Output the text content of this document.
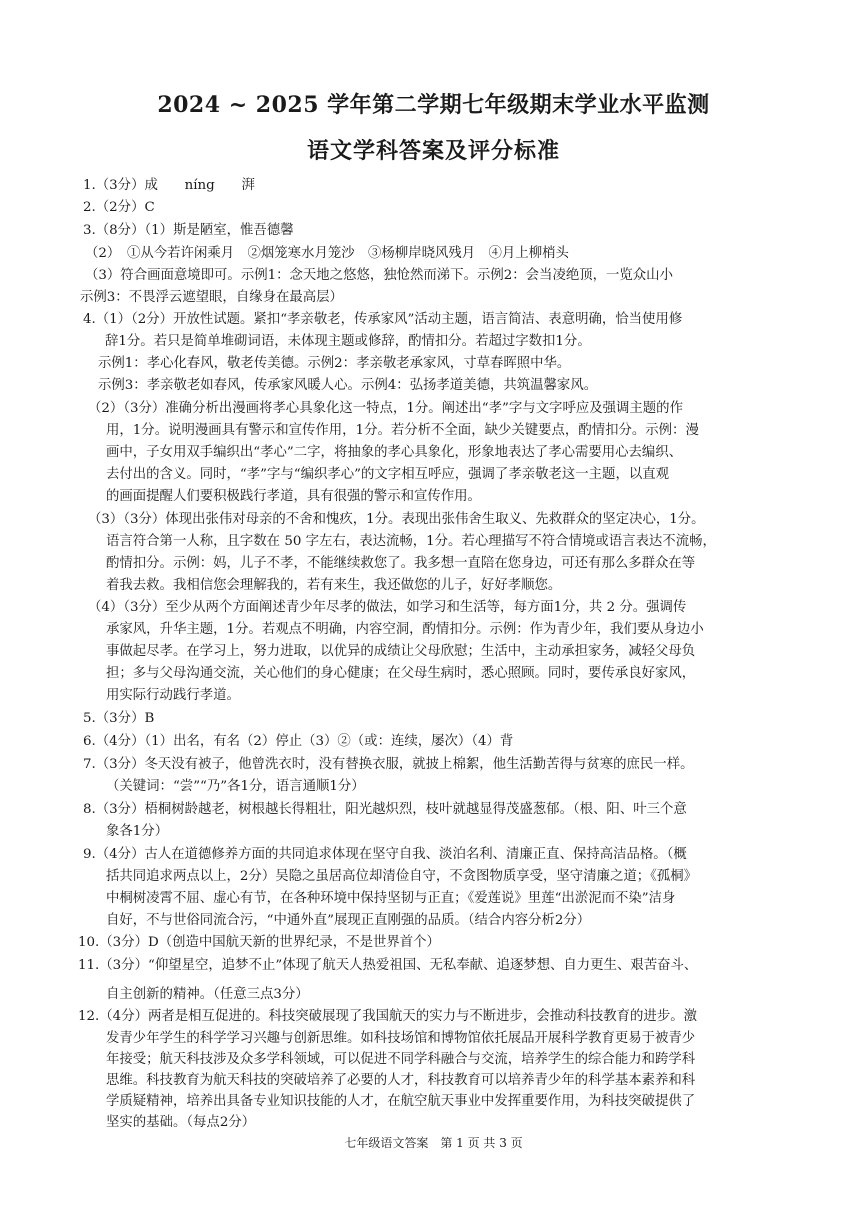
2024 ~ 2025 学年第二学期七年级期末学业水平监测
语文学科答案及评分标准
1.（3分）成　　níng　　湃
2.（2分）C
3.（8分）（1）斯是陋室，惟吾德馨
（2）　①从今若许闲乘月　②烟笼寒水月笼沙　③杨柳岸晓风残月　④月上柳梢头
（3）符合画面意境即可。示例1：念天地之悠悠，独怆然而涕下。示例2：会当凌绝顶，一览众山小
示例3：不畏浮云遮望眼，自缘身在最高层）
4.（1）（2分）开放性试题。紧扣“孝亲敬老，传承家风”活动主题，语言简洁、表意明确，恰当使用修
辞1分。若只是简单堆砌词语，未体现主题或修辞，酌情扣分。若超过字数扣1分。
示例1：孝心化春风，敬老传美德。示例2：孝亲敬老承家风，寸草春晖照中华。
示例3：孝亲敬老如春风，传承家风暖人心。示例4：弘扬孝道美德，共筑温馨家风。
（2）（3分）准确分析出漫画将孝心具象化这一特点，1分。阐述出“孝”字与文字呼应及强调主题的作
用，1分。说明漫画具有警示和宣传作用，1分。若分析不全面，缺少关键要点，酌情扣分。示例：漫
画中，子女用双手编织出“孝心”二字，将抽象的孝心具象化，形象地表达了孝心需要用心去编织、
去付出的含义。同时，“孝”字与“编织孝心”的文字相互呼应，强调了孝亲敬老这一主题，以直观
的画面提醒人们要积极践行孝道，具有很强的警示和宣传作用。
（3）（3分）体现出张伟对母亲的不舍和愧疚，1分。表现出张伟舍生取义、先救群众的坚定决心，1分。
语言符合第一人称，且字数在 50 字左右，表达流畅，1分。若心理描写不符合情境或语言表达不流畅，
酌情扣分。示例：妈，儿子不孝，不能继续救您了。我多想一直陪在您身边，可还有那么多群众在等
着我去救。我相信您会理解我的，若有来生，我还做您的儿子，好好孝顺您。
（4）（3分）至少从两个方面阐述青少年尽孝的做法，如学习和生活等，每方面1分，共 2 分。强调传
承家风，升华主题，1分。若观点不明确，内容空洞，酌情扣分。示例：作为青少年，我们要从身边小
事做起尽孝。在学习上，努力进取，以优异的成绩让父母欣慰；生活中，主动承担家务，减轻父母负
担；多与父母沟通交流，关心他们的身心健康；在父母生病时，悉心照顾。同时，要传承良好家风，
用实际行动践行孝道。
5.（3分）B
6.（4分）（1）出名，有名（2）停止（3）②（或：连续，屡次）（4）背
7.（3分）冬天没有被子，他曾洗衣时，没有替换衣服，就披上棉絮，他生活勤苦得与贫寒的庶民一样。
（关键词：“尝”“乃”各1分，语言通顺1分）
8.（3分）梧桐树龄越老，树根越长得粗壮，阳光越炽烈，枝叶就越显得茂盛葱郁。（根、阳、叶三个意
象各1分）
9.（4分）古人在道德修养方面的共同追求体现在坚守自我、淡泊名利、清廉正直、保持高洁品格。（概
括共同追求两点以上，2分）吴隐之虽居高位却清俭自守，不贪图物质享受，坚守清廉之道；《孤桐》
中桐树凌霄不屈、虚心有节，在各种环境中保持坚韧与正直；《爱莲说》里莲“出淤泥而不染”洁身
自好，不与世俗同流合污，“中通外直”展现正直刚强的品质。（结合内容分析2分）
10.（3分）D（创造中国航天新的世界纪录，不是世界首个）
11.（3分）“仰望星空，追梦不止”体现了航天人热爱祖国、无私奉献、追逐梦想、自力更生、艰苦奋斗、
自主创新的精神。（任意三点3分）
12.（4分）两者是相互促进的。科技突破展现了我国航天的实力与不断进步，会推动科技教育的进步。激
发青少年学生的科学学习兴趣与创新思维。如科技场馆和博物馆依托展品开展科学教育更易于被青少
年接受；航天科技涉及众多学科领域，可以促进不同学科融合与交流，培养学生的综合能力和跨学科
思维。科技教育为航天科技的突破培养了必要的人才，科技教育可以培养青少年的科学基本素养和科
学质疑精神，培养出具备专业知识技能的人才，在航空航天事业中发挥重要作用，为科技突破提供了
坚实的基础。（每点2分）
七年级语文答案　第 1 页 共 3 页
